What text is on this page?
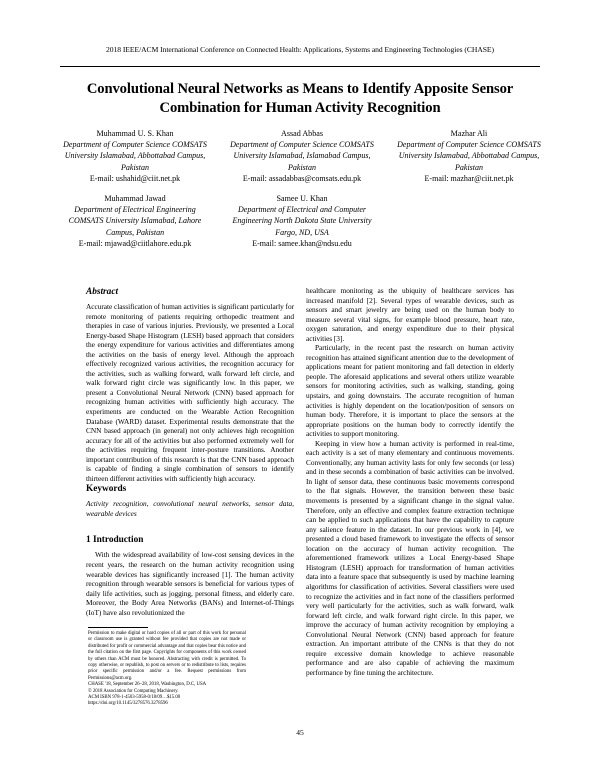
2018 IEEE/ACM International Conference on Connected Health: Applications, Systems and Engineering Technologies (CHASE)
Convolutional Neural Networks as Means to Identify Apposite Sensor Combination for Human Activity Recognition
Muhammad U. S. Khan
Department of Computer Science COMSATS University Islamabad, Abbottabad Campus, Pakistan
E-mail: ushahid@ciit.net.pk
Muhammad Jawad
Department of Electrical Engineering COMSATS University Islamabad, Lahore Campus, Pakistan
E-mail: mjawad@ciitlahore.edu.pk
Assad Abbas
Department of Computer Science COMSATS University Islamabad, Islamabad Campus, Pakistan
E-mail: assadabbas@comsats.edu.pk
Samee U. Khan
Department of Electrical and Computer Engineering North Dakota State University Fargo, ND, USA
E-mail: samee.khan@ndsu.edu
Mazhar Ali
Department of Computer Science COMSATS University Islamabad, Abbottabad Campus, Pakistan
E-mail: mazhar@ciit.net.pk
Abstract

Accurate classification of human activities is significant particularly for remote monitoring of patients requiring orthopedic treatment and therapies in case of various injuries. Previously, we presented a Local Energy-based Shape Histogram (LESH) based approach that considers the energy expenditure for various activities and differentiates among the activities on the basis of energy level. Although the approach effectively recognized various activities, the recognition accuracy for the activities, such as walking forward, walk forward left circle, and walk forward right circle was significantly low. In this paper, we present a Convolutional Neural Network (CNN) based approach for recognizing human activities with sufficiently high accuracy. The experiments are conducted on the Wearable Action Recognition Database (WARD) dataset. Experimental results demonstrate that the CNN based approach (in general) not only achieves high recognition accuracy for all of the activities but also performed extremely well for the activities requiring frequent inter-posture transitions. Another important contribution of this research is that the CNN based approach is capable of finding a single combination of sensors to identify thirteen different activities with sufficiently high accuracy.

Keywords

Activity recognition, convolutional neural networks, sensor data, wearable devices

1 Introduction

With the widespread availability of low-cost sensing devices in the recent years, the research on the human activity recognition using wearable devices has significantly increased [1]. The human activity recognition through wearable sensors is beneficial for various types of daily life activities, such as jogging, personal fitness, and elderly care. Moreover, the Body Area Networks (BANs) and Internet-of-Things (IoT) have also revolutionized the

healthcare monitoring as the ubiquity of healthcare services has increased manifold [2]. Several types of wearable devices, such as sensors and smart jewelry are being used on the human body to measure several vital signs, for example blood pressure, heart rate, oxygen saturation, and energy expenditure due to their physical activities [3].

Particularly, in the recent past the research on human activity recognition has attained significant attention due to the development of applications meant for patient monitoring and fall detection in elderly people. The aforesaid applications and several others utilize wearable sensors for monitoring activities, such as walking, standing, going upstairs, and going downstairs. The accurate recognition of human activities is highly dependent on the location/position of sensors on human body. Therefore, it is important to place the sensors at the appropriate positions on the human body to correctly identify the activities to support monitoring.

Keeping in view how a human activity is performed in real-time, each activity is a set of many elementary and continuous movements. Conventionally, any human activity lasts for only few seconds (or less) and in these seconds a combination of basic activities can be involved. In light of sensor data, these continuous basic movements correspond to the flat signals. However, the transition between these basic movements is presented by a significant change in the signal value. Therefore, only an effective and complex feature extraction technique can be applied to such applications that have the capability to capture any salience feature in the dataset. In our previous work in [4], we presented a cloud based framework to investigate the effects of sensor location on the accuracy of human activity recognition. The aforementioned framework utilizes a Local Energy-based Shape Histogram (LESH) approach for transformation of human activities data into a feature space that subsequently is used by machine learning algorithms for classification of activities. Several classifiers were used to recognize the activities and in fact none of the classifiers performed very well particularly for the activities, such as walk forward, walk forward left circle, and walk forward right circle. In this paper, we improve the accuracy of human activity recognition by employing a Convolutional Neural Network (CNN) based approach for feature extraction. An important attribute of the CNNs is that they do not require excessive domain knowledge to achieve reasonable performance and are also capable of achieving the maximum performance by fine tuning the architecture.

Permission to make digital or hard copies of all or part of this work for personal or classroom use is granted without fee provided that copies are not made or distributed for profit or commercial advantage and that copies bear this notice and the full citation on the first page. Copyrights for components of this work owned by others than ACM must be honored. Abstracting with credit is permitted. To copy otherwise, or republish, to post on servers or to redistribute to lists, requires prior specific permission and/or a fee. Request permissions from Permissions@acm.org.

CHASE '18, September 26–28, 2018, Washington, D.C, USA

© 2018 Association for Computing Machinery.

ACM ISBN 978-1-4503-5958-0/18/09…$15.00

https://doi.org/10.1145/3278576.3278596

45
